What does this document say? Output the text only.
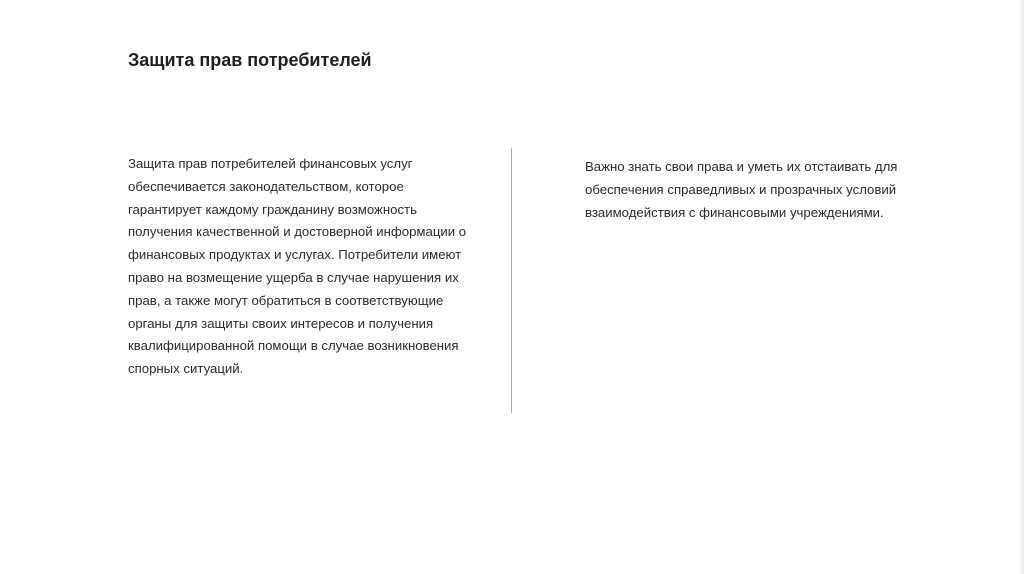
Защита прав потребителей

Защита прав потребителей финансовых услуг обеспечивается законодательством, которое гарантирует каждому гражданину возможность получения качественной и достоверной информации о финансовых продуктах и услугах. Потребители имеют право на возмещение ущерба в случае нарушения их прав, а также могут обратиться в соответствующие органы для защиты своих интересов и получения квалифицированной помощи в случае возникновения спорных ситуаций.

Важно знать свои права и уметь их отстаивать для обеспечения справедливых и прозрачных условий взаимодействия с финансовыми учреждениями.
